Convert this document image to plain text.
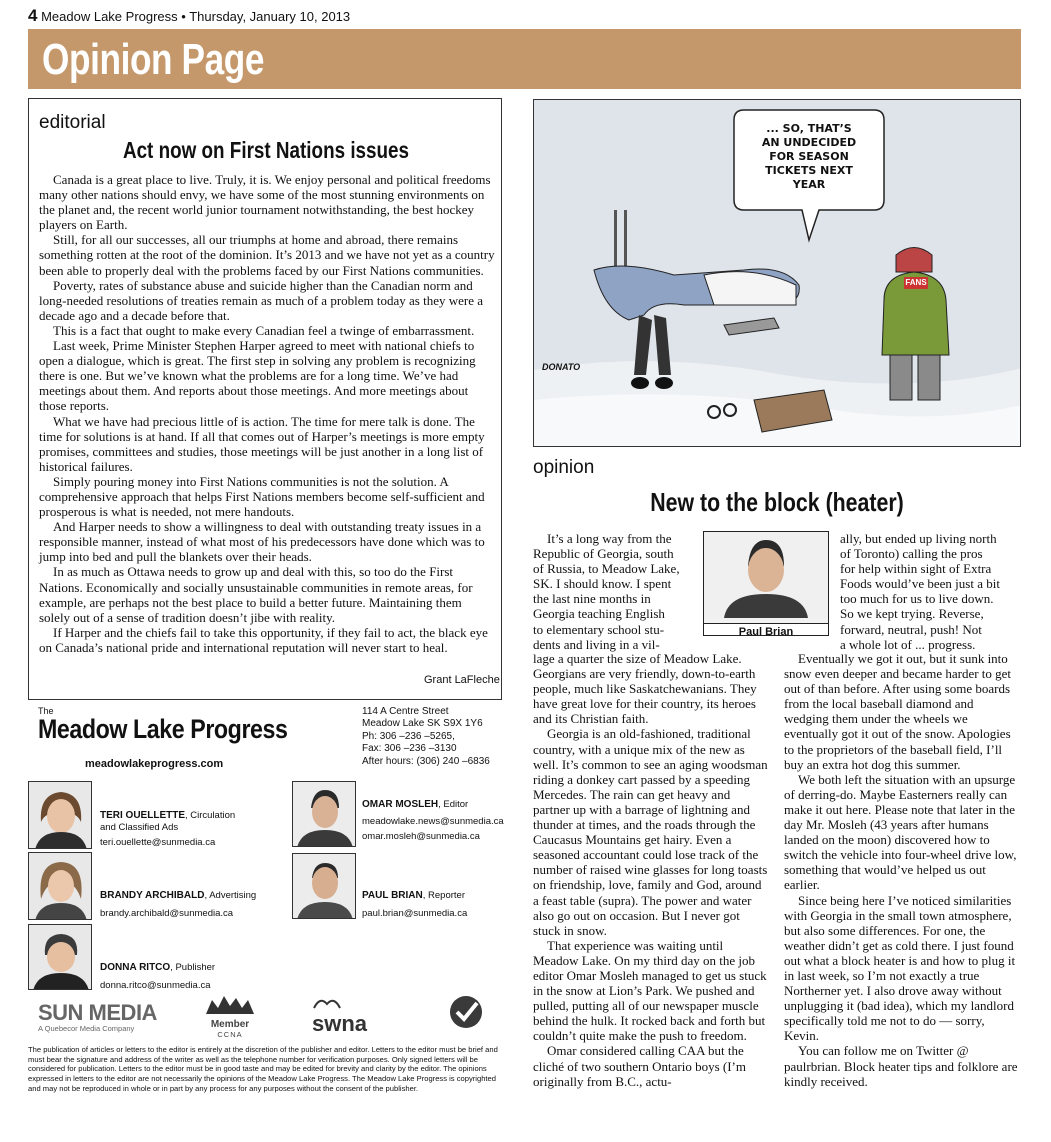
4 Meadow Lake Progress • Thursday, January 10, 2013
Opinion Page
editorial
Act now on First Nations issues

Canada is a great place to live. Truly, it is. We enjoy personal and political freedoms many other nations should envy, we have some of the most stunning environments on the planet and, the recent world junior tournament notwithstanding, the best hockey players on Earth.

Still, for all our successes, all our triumphs at home and abroad, there remains something rotten at the root of the dominion. It’s 2013 and we have not yet as a country been able to properly deal with the problems faced by our First Nations communities.

Poverty, rates of substance abuse and suicide higher than the Canadian norm and long-needed resolutions of treaties remain as much of a problem today as they were a decade ago and a decade before that.

This is a fact that ought to make every Canadian feel a twinge of embarrassment.

Last week, Prime Minister Stephen Harper agreed to meet with national chiefs to open a dialogue, which is great. The first step in solving any problem is recognizing there is one. But we’ve known what the problems are for a long time. We’ve had meetings about them. And reports about those meetings. And more meetings about those reports.

What we have had precious little of is action. The time for mere talk is done. The time for solutions is at hand. If all that comes out of Harper’s meetings is more empty promises, committees and studies, those meetings will be just another in a long list of historical failures.

Simply pouring money into First Nations communities is not the solution. A comprehensive approach that helps First Nations members become self-sufficient and prosperous is what is needed, not mere handouts.

And Harper needs to show a willingness to deal with outstanding treaty issues in a responsible manner, instead of what most of his predecessors have done which was to jump into bed and pull the blankets over their heads.

In as much as Ottawa needs to grow up and deal with this, so too do the First Nations. Economically and socially unsustainable communities in remote areas, for example, are perhaps not the best place to build a better future. Maintaining them solely out of a sense of tradition doesn’t jibe with reality.

If Harper and the chiefs fail to take this opportunity, if they fail to act, the black eye on Canada’s national pride and international reputation will never start to heal.

Grant LaFleche
The
Meadow Lake Progress
meadowlakeprogress.com
114 A Centre Street
Meadow Lake SK S9X 1Y6
Ph: 306 –236 –5265,
Fax: 306 –236 –3130
After hours: (306) 240 –6836
TERI OUELLETTE, Circulation
and Classified Ads
teri.ouellette@sunmedia.ca
OMAR MOSLEH, Editor
meadowlake.news@sunmedia.ca
omar.mosleh@sunmedia.ca
BRANDY ARCHIBALD, Advertising
brandy.archibald@sunmedia.ca
PAUL BRIAN, Reporter
paul.brian@sunmedia.ca
DONNA RITCO, Publisher
donna.ritco@sunmedia.ca
SUN MEDIA
A Quebecor Media Company	Member
CCNA	swna
The publication of articles or letters to the editor is entirely at the discretion of the publisher and editor. Letters to the editor must be brief and must bear the signature and address of the writer as well as the telephone number for verification purposes. Only signed letters will be considered for publication. Letters to the editor must be in good taste and may be edited for brevity and clarity by the editor. The opinions expressed in letters to the editor are not necessarily the opinions of the Meadow Lake Progress. The Meadow Lake Progress is copyrighted and may not be reproduced in whole or in part by any process for any purposes without the consent of the publisher.
... SO, THAT’S
AN UNDECIDED
FOR SEASON
TICKETS NEXT
YEAR
FANS
DONATO
opinion
New to the block (heater)
Paul Brian
It’s a long way from the
Republic of Georgia, south
of Russia, to Meadow Lake,
SK. I should know. I spent
the last nine months in
Georgia teaching English
to elementary school stu-
dents and living in a vil-

lage a quarter the size of Meadow Lake. Georgians are very friendly, down-to-earth people, much like Saskatchewanians. They have great love for their country, its heroes and its Christian faith.

Georgia is an old-fashioned, traditional country, with a unique mix of the new as well. It’s common to see an aging woodsman riding a donkey cart passed by a speeding Mercedes. The rain can get heavy and partner up with a barrage of lightning and thunder at times, and the roads through the Caucasus Mountains get hairy. Even a seasoned accountant could lose track of the number of raised wine glasses for long toasts on friendship, love, family and God, around a feast table (supra). The power and water also go out on occasion. But I never got stuck in snow.

That experience was waiting until Meadow Lake. On my third day on the job editor Omar Mosleh managed to get us stuck in the snow at Lion’s Park. We pushed and pulled, putting all of our newspaper muscle behind the hulk. It rocked back and forth but couldn’t quite make the push to freedom.

Omar considered calling CAA but the cliché of two southern Ontario boys (I’m originally from B.C., actu-

ally, but ended up living north
of Toronto) calling the pros
for help within sight of Extra
Foods would’ve been just a bit
too much for us to live down.
So we kept trying. Reverse,
forward, neutral, push! Not
a whole lot of ... progress.

Eventually we got it out, but it sunk into snow even deeper and became harder to get out of than before. After using some boards from the local baseball diamond and wedging them under the wheels we eventually got it out of the snow. Apologies to the proprietors of the baseball field, I’ll buy an extra hot dog this summer.

We both left the situation with an upsurge of derring-do. Maybe Easterners really can make it out here. Please note that later in the day Mr. Mosleh (43 years after humans landed on the moon) discovered how to switch the vehicle into four-wheel drive low, something that would’ve helped us out earlier.

Since being here I’ve noticed similarities with Georgia in the small town atmosphere, but also some differences. For one, the weather didn’t get as cold there. I just found out what a block heater is and how to plug it in last week, so I’m not exactly a true Northerner yet. I also drove away without unplugging it (bad idea), which my landlord specifically told me not to do — sorry, Kevin.

You can follow me on Twitter @ paulrbrian. Block heater tips and folklore are kindly received.
